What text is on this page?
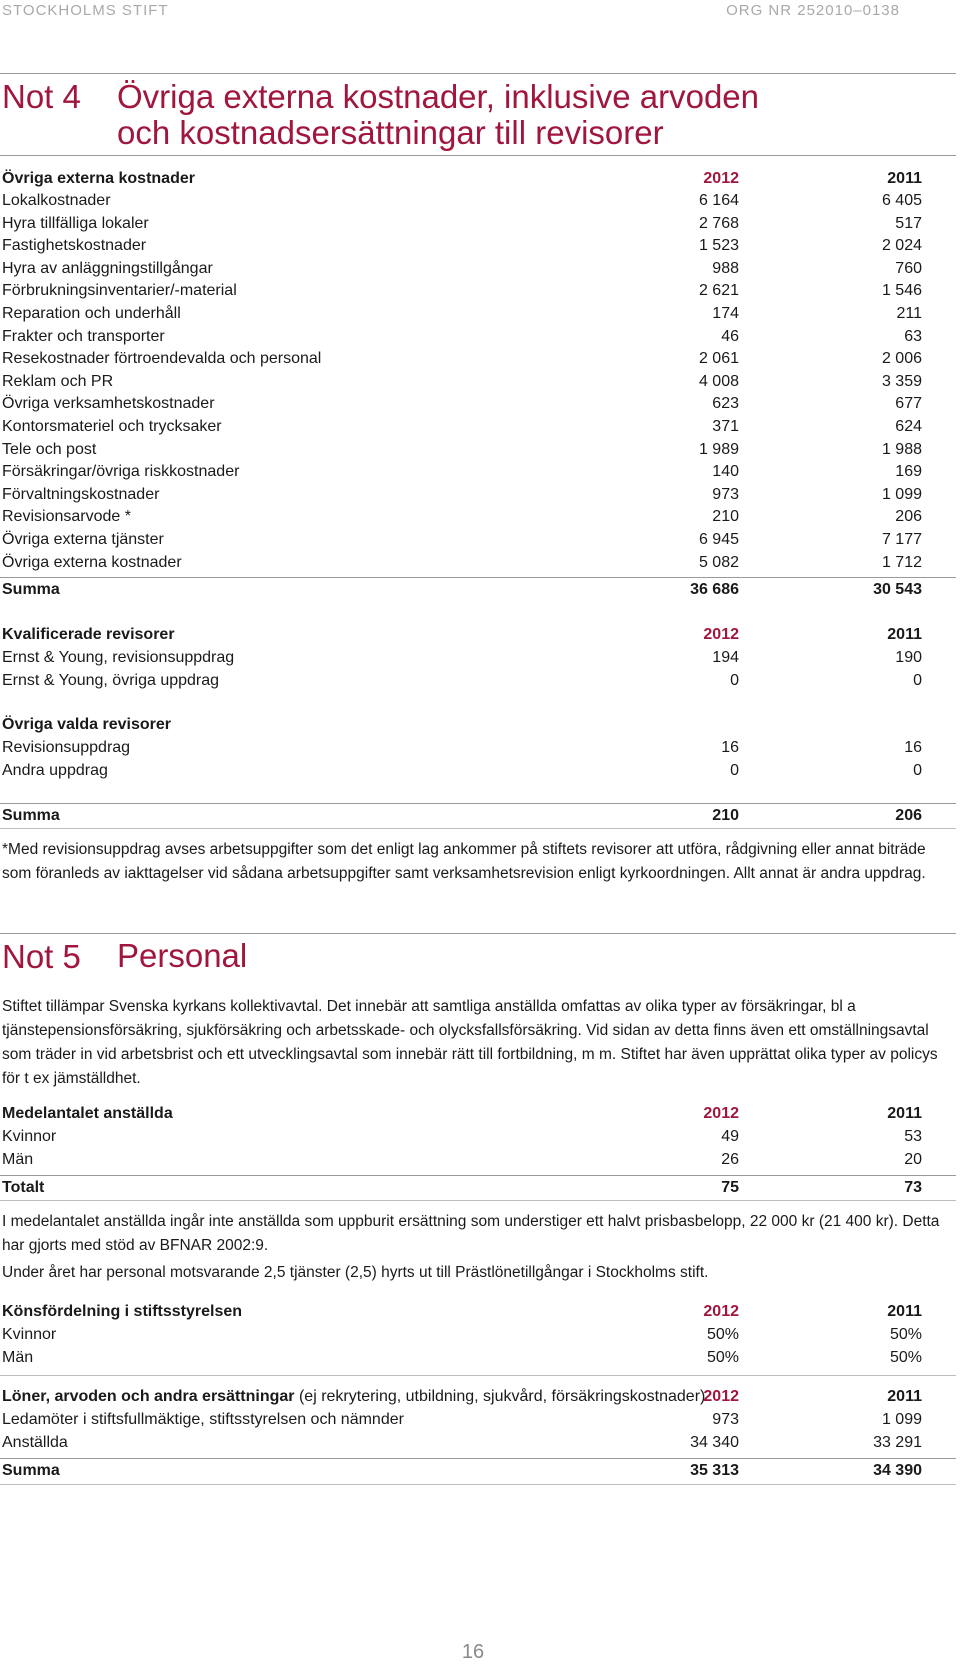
STOCKHOLMS STIFT	ORG NR 252010–0138
Not 4 Övriga externa kostnader, inklusive arvoden
och kostnadsersättningar till revisorer
Övriga externa kostnader	2012	2011
Lokalkostnader	6 164	6 405
Hyra tillfälliga lokaler	2 768	517
Fastighetskostnader	1 523	2 024
Hyra av anläggningstillgångar	988	760
Förbrukningsinventarier/-material	2 621	1 546
Reparation och underhåll	174	211
Frakter och transporter	46	63
Resekostnader förtroendevalda och personal	2 061	2 006
Reklam och PR	4 008	3 359
Övriga verksamhetskostnader	623	677
Kontorsmateriel och trycksaker	371	624
Tele och post	1 989	1 988
Försäkringar/övriga riskkostnader	140	169
Förvaltningskostnader	973	1 099
Revisionsarvode *	210	206
Övriga externa tjänster	6 945	7 177
Övriga externa kostnader	5 082	1 712
Summa	36 686	30 543
Kvalificerade revisorer	2012	2011
Ernst & Young, revisionsuppdrag	194	190
Ernst & Young, övriga uppdrag	0	0
Övriga valda revisorer
Revisionsuppdrag	16	16
Andra uppdrag	0	0
Summa	210	206
*Med revisionsuppdrag avses arbetsuppgifter som det enligt lag ankommer på stiftets revisorer att utföra, rådgivning eller annat biträde som föranleds av iakttagelser vid sådana arbetsuppgifter samt verksamhetsrevision enligt kyrkoordningen. Allt annat är andra uppdrag.
Not 5 Personal
Stiftet tillämpar Svenska kyrkans kollektivavtal. Det innebär att samtliga anställda omfattas av olika typer av försäkringar, bl a tjänstepensionsförsäkring, sjukförsäkring och arbetsskade- och olycksfallsförsäkring. Vid sidan av detta finns även ett omställningsavtal som träder in vid arbetsbrist och ett utvecklingsavtal som innebär rätt till fortbildning, m m. Stiftet har även upprättat olika typer av policys för t ex jämställdhet.
Medelantalet anställda	2012	2011
Kvinnor	49	53
Män	26	20
Totalt	75	73
I medelantalet anställda ingår inte anställda som uppburit ersättning som understiger ett halvt prisbasbelopp, 22 000 kr (21 400 kr). Detta har gjorts med stöd av BFNAR 2002:9.
Under året har personal motsvarande 2,5 tjänster (2,5) hyrts ut till Prästlönetillgångar i Stockholms stift.
Könsfördelning i stiftsstyrelsen	2012	2011
Kvinnor	50%	50%
Män	50%	50%
Löner, arvoden och andra ersättningar (ej rekrytering, utbildning, sjukvård, försäkringskostnader)
2012	2011
Ledamöter i stiftsfullmäktige, stiftsstyrelsen och nämnder	973	1 099
Anställda	34 340	33 291
Summa	35 313	34 390
16
